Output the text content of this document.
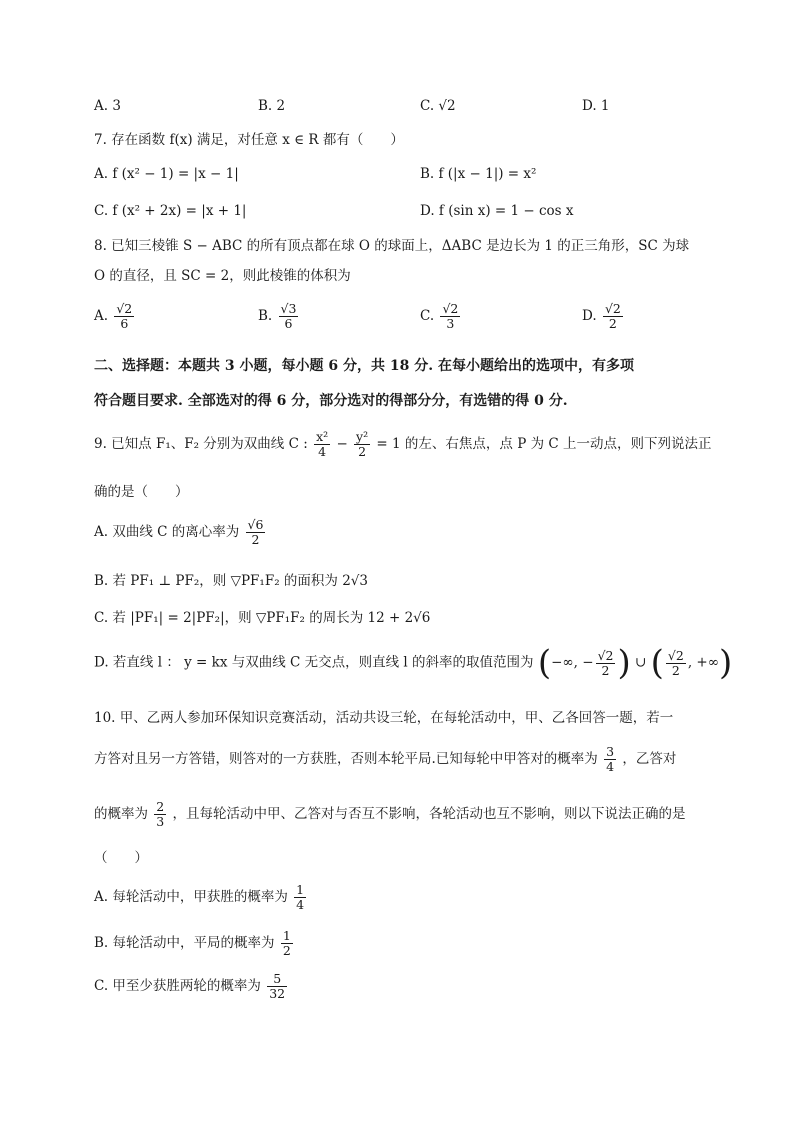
A. 3	B. 2	C. √2	D. 1
7. 存在函数 f(x) 满足，对任意 x ∈ R 都有（　　）
A. f (x² − 1) = |x − 1|	B. f (|x − 1|) = x²
C. f (x² + 2x) = |x + 1|	D. f (sin x) = 1 − cos x
8. 已知三棱锥 S − ABC 的所有顶点都在球 O 的球面上，ΔABC 是边长为 1 的正三角形，SC 为球
O 的直径，且 SC = 2，则此棱锥的体积为
A. $\frac{√2}{6}$	B. $\frac{√3}{6}$	C. $\frac{√2}{3}$	D. $\frac{√2}{2}$
二、选择题：本题共 3 小题，每小题 6 分，共 18 分. 在每小题给出的选项中，有多项
符合题目要求. 全部选对的得 6 分，部分选对的得部分分，有选错的得 0 分.
9. 已知点 F₁、F₂ 分别为双曲线 C : $\frac{\text{x²}}{4} - \frac{\text{y²}}{2} = 1$ 的左、右焦点，点 P 为 C 上一动点，则下列说法正
确的是（　　）
A. 双曲线 C 的离心率为 $\frac{√6}{2}$
B. 若 PF₁ ⊥ PF₂，则 ▽PF₁F₂ 的面积为 2√3
C. 若 |PF₁| = 2|PF₂|，则 ▽PF₁F₂ 的周长为 12 + 2√6
D. 若直线 l ： y = kx 与双曲线 C 无交点，则直线 l 的斜率的取值范围为 (−∞, − $\frac{√2}{2}$ ) ∪ ( $\frac{√2}{2}$ , +∞)
10. 甲、乙两人参加环保知识竞赛活动，活动共设三轮，在每轮活动中，甲、乙各回答一题，若一
方答对且另一方答错，则答对的一方获胜，否则本轮平局.已知每轮中甲答对的概率为 $\frac{3}{4}$ ，乙答对
的概率为 $\frac{2}{3}$ ，且每轮活动中甲、乙答对与否互不影响，各轮活动也互不影响，则以下说法正确的是
（　　）
A. 每轮活动中，甲获胜的概率为 $\frac{1}{4}$
B. 每轮活动中，平局的概率为 $\frac{1}{2}$
C. 甲至少获胜两轮的概率为 $\frac{5}{32}$
